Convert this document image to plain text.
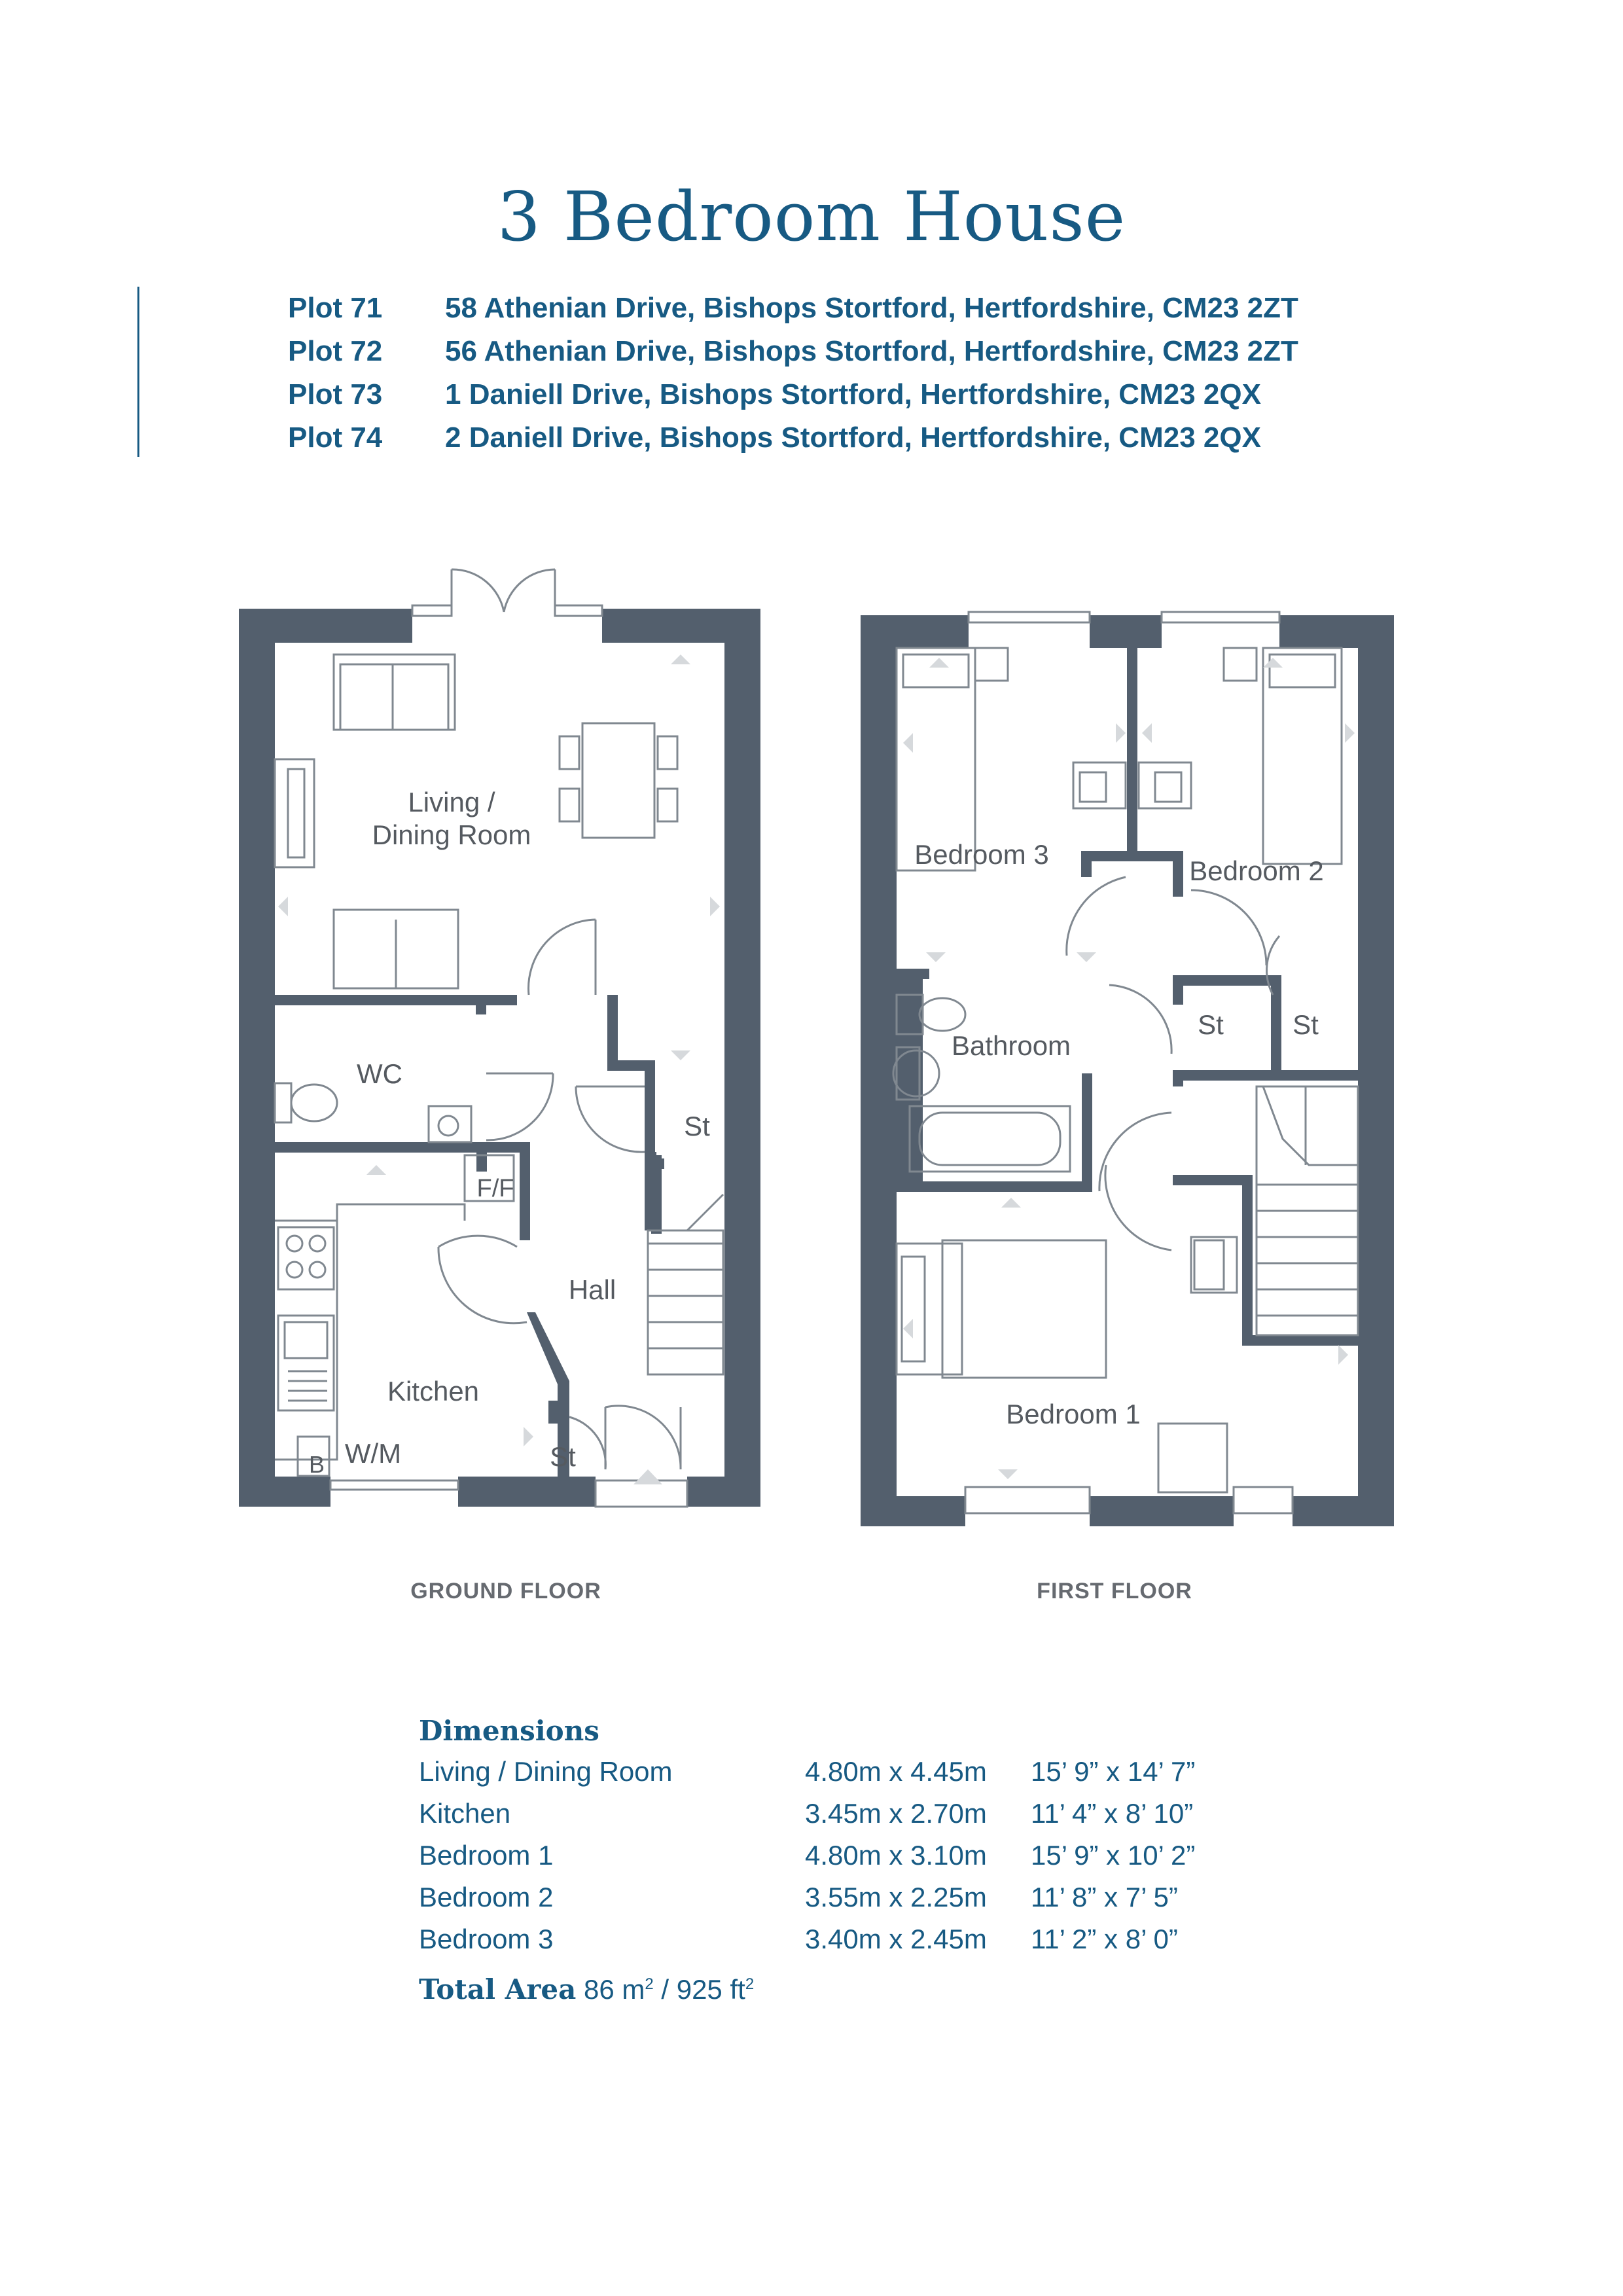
3 Bedroom House
Plot 71 58 Athenian Drive, Bishops Stortford, Hertfordshire, CM23 2ZT
Plot 72 56 Athenian Drive, Bishops Stortford, Hertfordshire, CM23 2ZT
Plot 73 1 Daniell Drive, Bishops Stortford, Hertfordshire, CM23 2QX
Plot 74 2 Daniell Drive, Bishops Stortford, Hertfordshire, CM23 2QX
Living /
Dining Room
WC
F/F
St
Hall
Kitchen
W/M
B	St
GROUND FLOOR
Bedroom 3
Bedroom 2
St	St
Bathroom
Bedroom 1
FIRST FLOOR
Dimensions
Living / Dining Room	4.80m x 4.45m 15’ 9” x 14’ 7”
Kitchen	3.45m x 2.70m 11’ 4” x 8’ 10”
Bedroom 1	4.80m x 3.10m 15’ 9” x 10’ 2”
Bedroom 2	3.55m x 2.25m 11’ 8” x 7’ 5”
Bedroom 3	3.40m x 2.45m 11’ 2” x 8’ 0”
Total Area 86 $m^2 / 925$ $ft^2$
